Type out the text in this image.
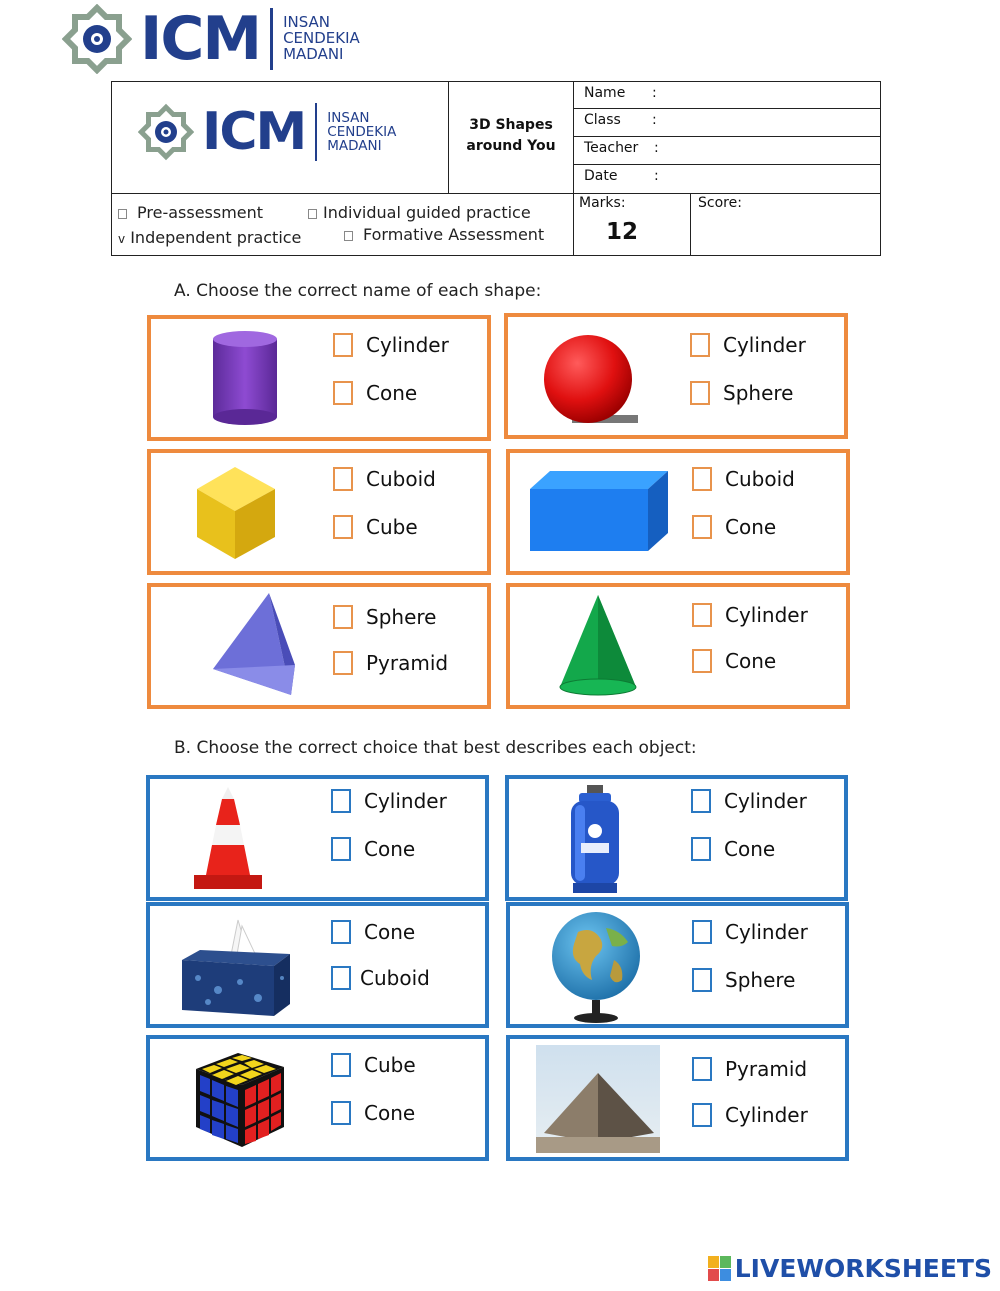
ICM INSAN
CENDEKIA
MADANI
ICM INSAN
CENDEKIA
MADANI
3D Shapes
around You
Name :
Class :
Teacher :
Date	:
Pre-assessment	Individual guided practice
v Independent practice	Formative Assessment
Marks:
12
Score:
A. Choose the correct name of each shape:
Cylinder
Cone
Cylinder
Sphere
Cuboid
Cube
Cuboid
Cone
Sphere
Pyramid
Cylinder
Cone
B. Choose the correct choice that best describes each object:
Cylinder
Cone
Cylinder
Cone
Cone
Cuboid
Cylinder
Sphere
Cube
Cone
Pyramid
Cylinder
LIVEWORKSHEETS
